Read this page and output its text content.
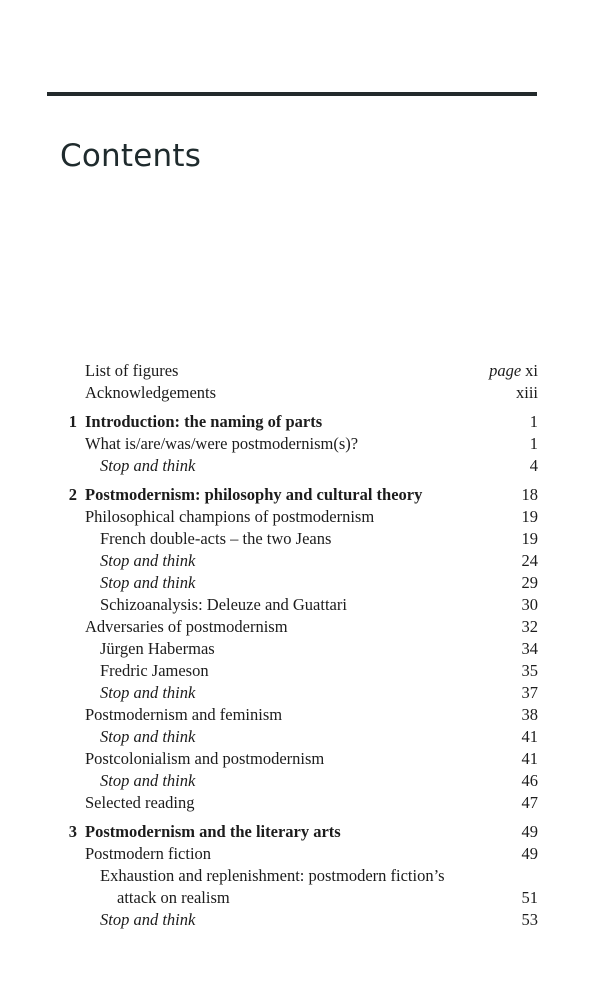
Contents
List of figures	page xi
Acknowledgements	xiii
1 Introduction: the naming of parts	1
What is/are/was/were postmodernism(s)?	1
Stop and think	4
2 Postmodernism: philosophy and cultural theory	18
Philosophical champions of postmodernism	19
French double-acts – the two Jeans	19
Stop and think	24
Stop and think	29
Schizoanalysis: Deleuze and Guattari	30
Adversaries of postmodernism	32
Jürgen Habermas	34
Fredric Jameson	35
Stop and think	37
Postmodernism and feminism	38
Stop and think	41
Postcolonialism and postmodernism	41
Stop and think	46
Selected reading	47
3 Postmodernism and the literary arts	49
Postmodern fiction	49
Exhaustion and replenishment: postmodern fiction’s
attack on realism	51
Stop and think	53
